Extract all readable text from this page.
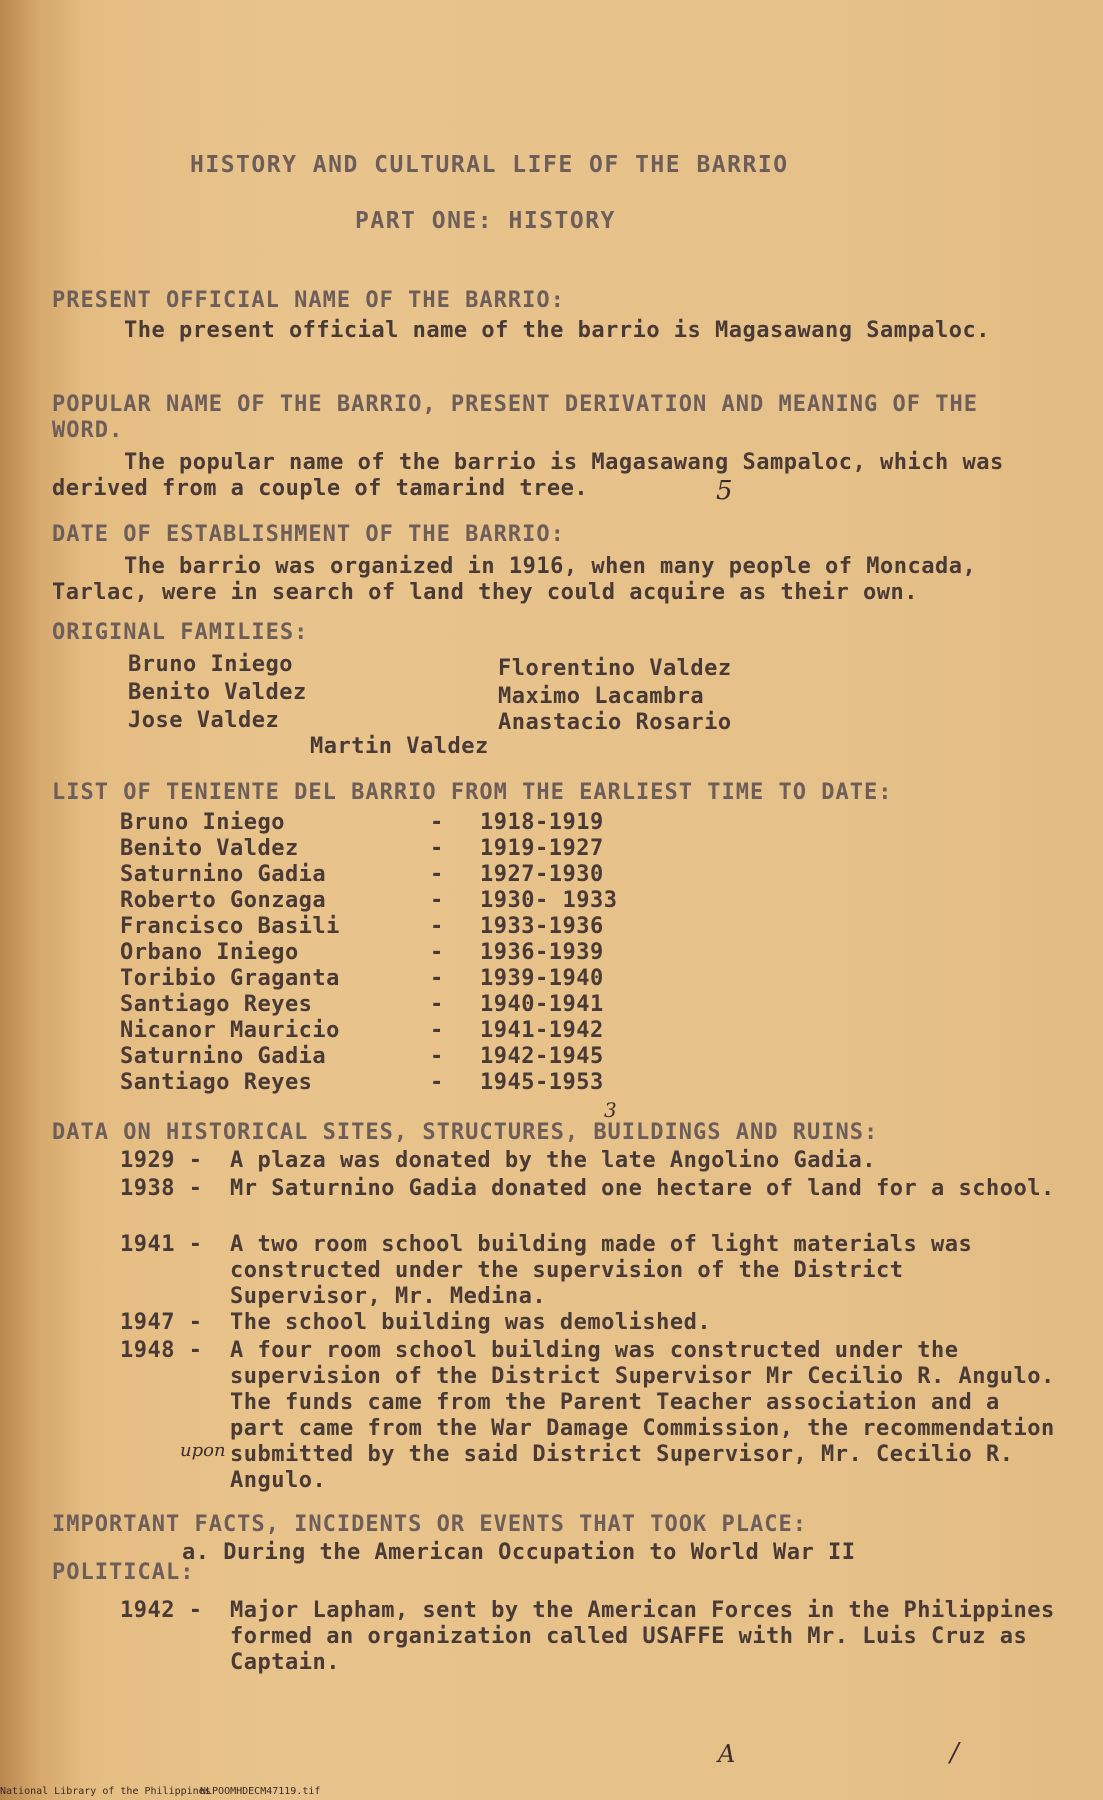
HISTORY AND CULTURAL LIFE OF THE BARRIO
PART ONE: HISTORY
PRESENT OFFICIAL NAME OF THE BARRIO:
The present official name of the barrio is Magasawang Sampaloc.
POPULAR NAME OF THE BARRIO, PRESENT DERIVATION AND MEANING OF THE WORD.
The popular name of the barrio is Magasawang Sampaloc, which was derived from a couple of tamarind tree.	5
DATE OF ESTABLISHMENT OF THE BARRIO:
The barrio was organized in 1916, when many people of Moncada, Tarlac, were in search of land they could acquire as their own.
ORIGINAL FAMILIES:
Bruno Iniego
Benito Valdez
Jose Valdez
Florentino Valdez
Maximo Lacambra
Anastacio Rosario
Martin Valdez
LIST OF TENIENTE DEL BARRIO FROM THE EARLIEST TIME TO DATE:
Bruno Iniego	- 1918-1919
Benito Valdez	- 1919-1927
Saturnino Gadia	- 1927-1930
Roberto Gonzaga	- 1930- 1933
Francisco Basili	- 1933-1936
Orbano Iniego	- 1936-1939
Toribio Graganta	- 1939-1940
Santiago Reyes	- 1940-1941
Nicanor Mauricio	- 1941-1942
Saturnino Gadia	- 1942-1945
Santiago Reyes	- 1945-1953
DATA ON HISTORICAL SITES, STRUCTURES, BUILDINGS AND RUINS:
3
1929 - A plaza was donated by the late Angolino Gadia.
1938 - Mr Saturnino Gadia donated one hectare of land for a school.
1941 - A two room school building made of light materials was constructed under the supervision of the District Supervisor, Mr. Medina.
1947 - The school building was demolished.
1948 - A four room school building was constructed under the supervision of the District Supervisor Mr Cecilio R. Angulo. The funds came from the Parent Teacher association and a part came from the War Damage Commission, the recommendation submitted by the said District Supervisor, Mr. Cecilio R. Angulo.
upon
IMPORTANT FACTS, INCIDENTS OR EVENTS THAT TOOK PLACE:
a. During the American Occupation to World War II
POLITICAL:
1942 - Major Lapham, sent by the American Forces in the Philippines formed an organization called USAFFE with Mr. Luis Cruz as Captain.
A	/
National Library of the Philippines
NLPOOMHDECM47119.tif
